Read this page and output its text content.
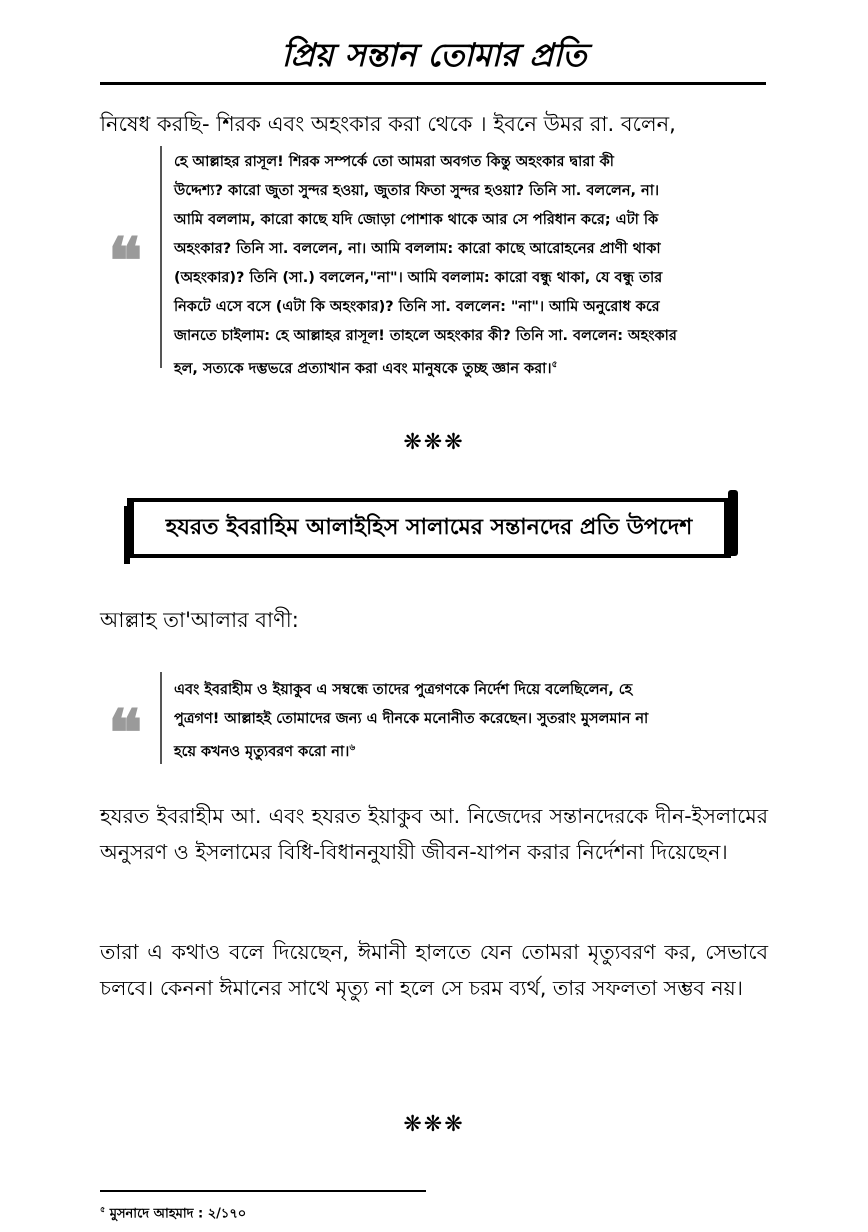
প্রিয় সন্তান তোমার প্রতি
নিষেধ করছি- শিরক এবং অহংকার করা থেকে । ইবনে উমর রা. বলেন,
❝
হে আল্লাহর রাসূল! শিরক সম্পর্কে তো আমরা অবগত কিন্তু অহংকার দ্বারা কী
উদ্দেশ্য? কারো জুতা সুন্দর হওয়া, জুতার ফিতা সুন্দর হওয়া? তিনি সা. বললেন, না।
আমি বললাম, কারো কাছে যদি জোড়া পোশাক থাকে আর সে পরিধান করে; এটা কি
অহংকার? তিনি সা. বললেন, না। আমি বললাম: কারো কাছে আরোহনের প্রাণী থাকা
(অহংকার)? তিনি (সা.) বললেন,"না"। আমি বললাম: কারো বন্ধু থাকা, যে বন্ধু তার
নিকটে এসে বসে (এটা কি অহংকার)? তিনি সা. বললেন: "না"। আমি অনুরোধ করে
জানতে চাইলাম: হে আল্লাহর রাসূল! তাহলে অহংকার কী? তিনি সা. বললেন: অহংকার
হল, সত্যকে দম্ভভরে প্রত্যাখান করা এবং মানুষকে তুচ্ছ জ্ঞান করা।$^৫$
❋❋❋
হযরত ইবরাহিম আলাইহিস সালামের সন্তানদের প্রতি উপদেশ
আল্লাহ তা'আলার বাণী:
❝
এবং ইবরাহীম ও ইয়াকুব এ সম্বন্ধে তাদের পুত্রগণকে নির্দেশ দিয়ে বলেছিলেন, হে
পুত্রগণ! আল্লাহই তোমাদের জন্য এ দীনকে মনোনীত করেছেন। সুতরাং মুসলমান না
হয়ে কখনও মৃত্যুবরণ করো না।$^৬$
হযরত ইবরাহীম আ. এবং হযরত ইয়াকুব আ. নিজেদের সন্তানদেরকে দীন-ইসলামের অনুসরণ ও ইসলামের বিধি-বিধাননুযায়ী জীবন-যাপন করার নির্দেশনা দিয়েছেন।
তারা এ কথাও বলে দিয়েছেন, ঈমানী হালতে যেন তোমরা মৃত্যুবরণ কর, সেভাবে চলবে। কেননা ঈমানের সাথে মৃত্যু না হলে সে চরম ব্যর্থ, তার সফলতা সম্ভব নয়।
❋❋❋
$^৫$ মুসনাদে আহমাদ : ২/১৭০
